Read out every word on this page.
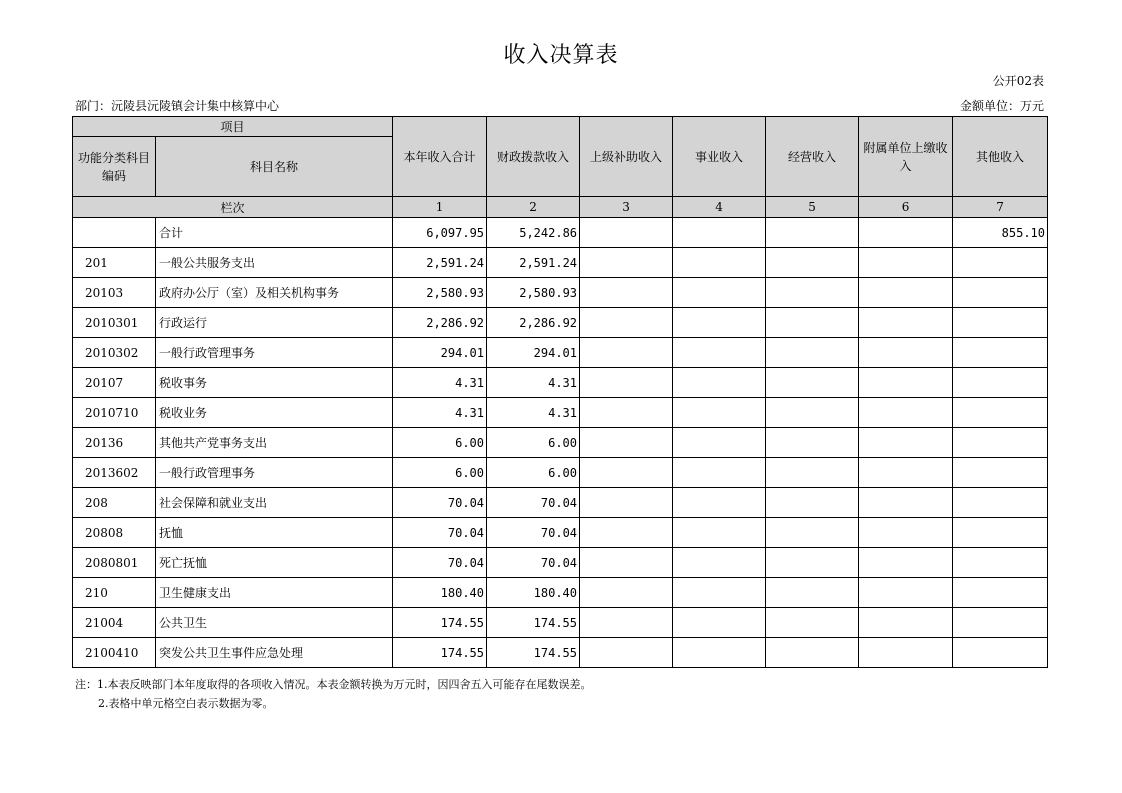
收入决算表
公开02表
部门：沅陵县沅陵镇会计集中核算中心	金额单位：万元
项目		本年收入合计	财政拨款收入	上级补助收入	事业收入	经营收入	附属单位上缴收入	其他收入
功能分类科目编码	科目名称							
栏次		1	2	3	4	5	6	7
	合计	6,097.95	5,242.86					855.10
201	一般公共服务支出	2,591.24	2,591.24					
20103	政府办公厅（室）及相关机构事务	2,580.93	2,580.93					
2010301	行政运行	2,286.92	2,286.92					
2010302	一般行政管理事务	294.01	294.01					
20107	税收事务	4.31	4.31					
2010710	税收业务	4.31	4.31					
20136	其他共产党事务支出	6.00	6.00					
2013602	一般行政管理事务	6.00	6.00					
208	社会保障和就业支出	70.04	70.04					
20808	抚恤	70.04	70.04					
2080801	死亡抚恤	70.04	70.04					
210	卫生健康支出	180.40	180.40					
21004	公共卫生	174.55	174.55					
2100410	突发公共卫生事件应急处理	174.55	174.55					
注：1.本表反映部门本年度取得的各项收入情况。本表金额转换为万元时，因四舍五入可能存在尾数误差。
2.表格中单元格空白表示数据为零。
